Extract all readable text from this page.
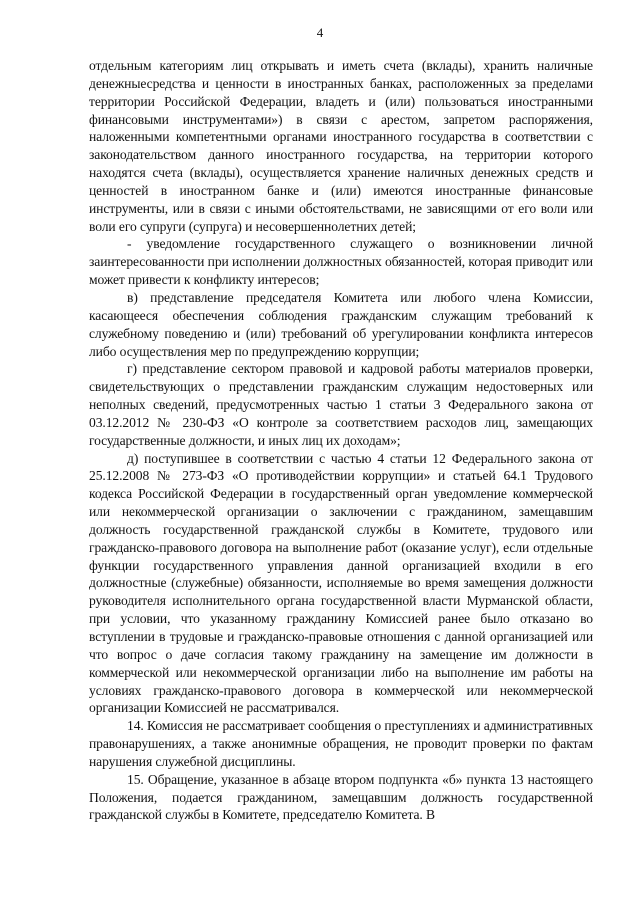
4

отдельным категориям лиц открывать и иметь счета (вклады), хранить наличные денежныесредства и ценности в иностранных банках, расположенных за пределами территории Российской Федерации, владеть и (или) пользоваться иностранными финансовыми инструментами») в связи с арестом, запретом распоряжения, наложенными компетентными органами иностранного государства в соответствии с законодательством данного иностранного государства, на территории которого находятся счета (вклады), осуществляется хранение наличных денежных средств и ценностей в иностранном банке и (или) имеются иностранные финансовые инструменты, или в связи с иными обстоятельствами, не зависящими от его воли или воли его супруги (супруга) и несовершеннолетних детей;

- уведомление государственного служащего о возникновении личной заинтересованности при исполнении должностных обязанностей, которая приводит или может привести к конфликту интересов;

в) представление председателя Комитета или любого члена Комиссии, касающееся обеспечения соблюдения гражданским служащим требований к служебному поведению и (или) требований об урегулировании конфликта интересов либо осуществления мер по предупреждению коррупции;

г) представление сектором правовой и кадровой работы материалов проверки, свидетельствующих о представлении гражданским служащим недостоверных или неполных сведений, предусмотренных частью 1 статьи 3 Федерального закона от 03.12.2012 № 230-ФЗ «О контроле за соответствием расходов лиц, замещающих государственные должности, и иных лиц их доходам»;

д) поступившее в соответствии с частью 4 статьи 12 Федерального закона от 25.12.2008 № 273-ФЗ «О противодействии коррупции» и статьей 64.1 Трудового кодекса Российской Федерации в государственный орган уведомление коммерческой или некоммерческой организации о заключении с гражданином, замещавшим должность государственной гражданской службы в Комитете, трудового или гражданско-правового договора на выполнение работ (оказание услуг), если отдельные функции государственного управления данной организацией входили в его должностные (служебные) обязанности, исполняемые во время замещения должности руководителя исполнительного органа государственной власти Мурманской области, при условии, что указанному гражданину Комиссией ранее было отказано во вступлении в трудовые и гражданско-правовые отношения с данной организацией или что вопрос о даче согласия такому гражданину на замещение им должности в коммерческой или некоммерческой организации либо на выполнение им работы на условиях гражданско-правового договора в коммерческой или некоммерческой организации Комиссией не рассматривался.

14. Комиссия не рассматривает сообщения о преступлениях и административных правонарушениях, а также анонимные обращения, не проводит проверки по фактам нарушения служебной дисциплины.

15. Обращение, указанное в абзаце втором подпункта «б» пункта 13 настоящего Положения, подается гражданином, замещавшим должность государственной гражданской службы в Комитете, председателю Комитета. В
